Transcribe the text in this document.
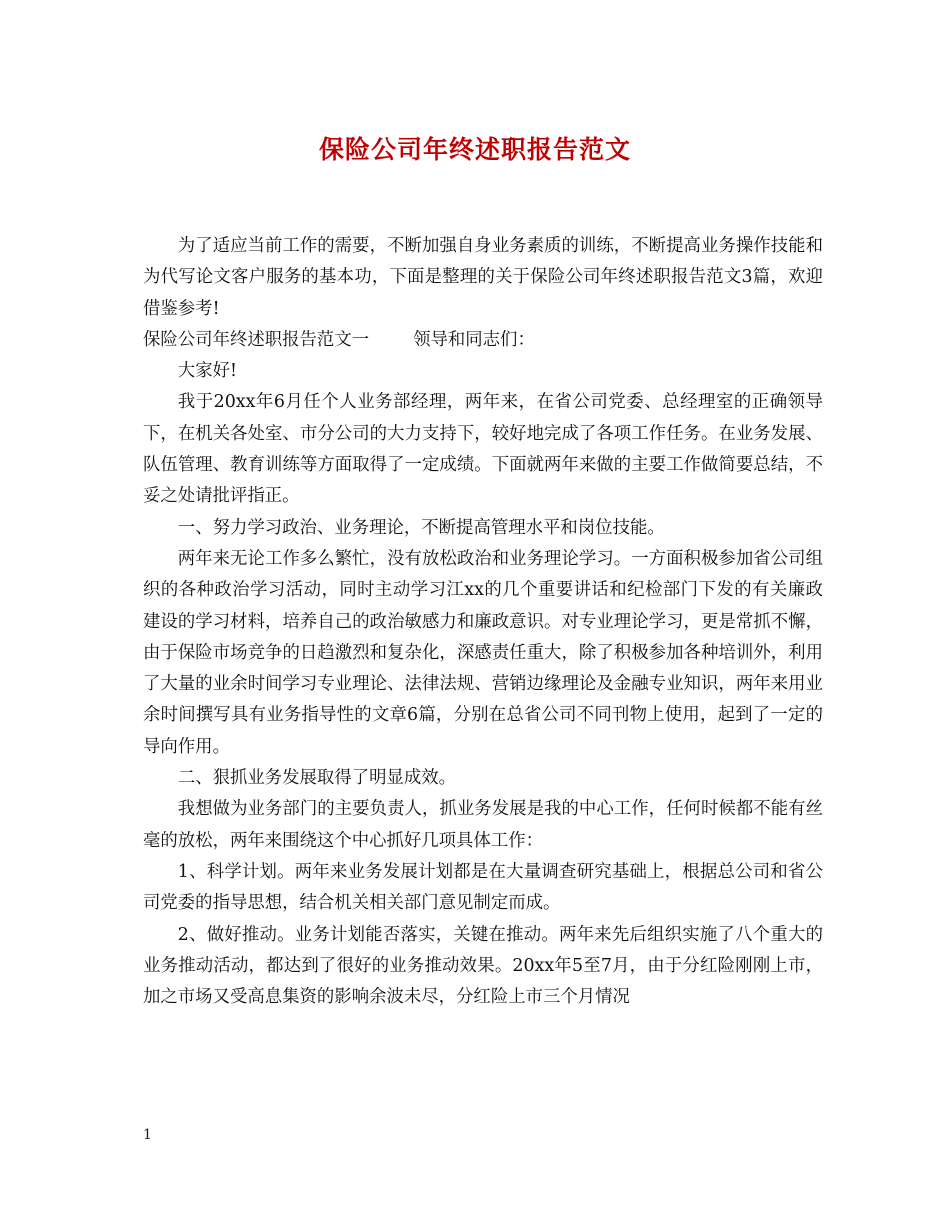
保险公司年终述职报告范文

为了适应当前工作的需要，不断加强自身业务素质的训练，不断提高业务操作技能和为代写论文客户服务的基本功，下面是整理的关于保险公司年终述职报告范文3篇，欢迎借鉴参考!

保险公司年终述职报告范文一	领导和同志们：

大家好!

我于20xx年6月任个人业务部经理，两年来，在省公司党委、总经理室的正确领导下，在机关各处室、市分公司的大力支持下，较好地完成了各项工作任务。在业务发展、队伍管理、教育训练等方面取得了一定成绩。下面就两年来做的主要工作做简要总结，不妥之处请批评指正。

一、努力学习政治、业务理论，不断提高管理水平和岗位技能。

两年来无论工作多么繁忙，没有放松政治和业务理论学习。一方面积极参加省公司组织的各种政治学习活动，同时主动学习江xx的几个重要讲话和纪检部门下发的有关廉政建设的学习材料，培养自己的政治敏感力和廉政意识。对专业理论学习，更是常抓不懈，由于保险市场竞争的日趋激烈和复杂化，深感责任重大，除了积极参加各种培训外，利用了大量的业余时间学习专业理论、法律法规、营销边缘理论及金融专业知识，两年来用业余时间撰写具有业务指导性的文章6篇，分别在总省公司不同刊物上使用，起到了一定的导向作用。

二、狠抓业务发展取得了明显成效。

我想做为业务部门的主要负责人，抓业务发展是我的中心工作，任何时候都不能有丝毫的放松，两年来围绕这个中心抓好几项具体工作：

1、科学计划。两年来业务发展计划都是在大量调查研究基础上，根据总公司和省公司党委的指导思想，结合机关相关部门意见制定而成。

2、做好推动。业务计划能否落实，关键在推动。两年来先后组织实施了八个重大的业务推动活动，都达到了很好的业务推动效果。20xx年5至7月，由于分红险刚刚上市，加之市场又受高息集资的影响余波未尽，分红险上市三个月情况

1
